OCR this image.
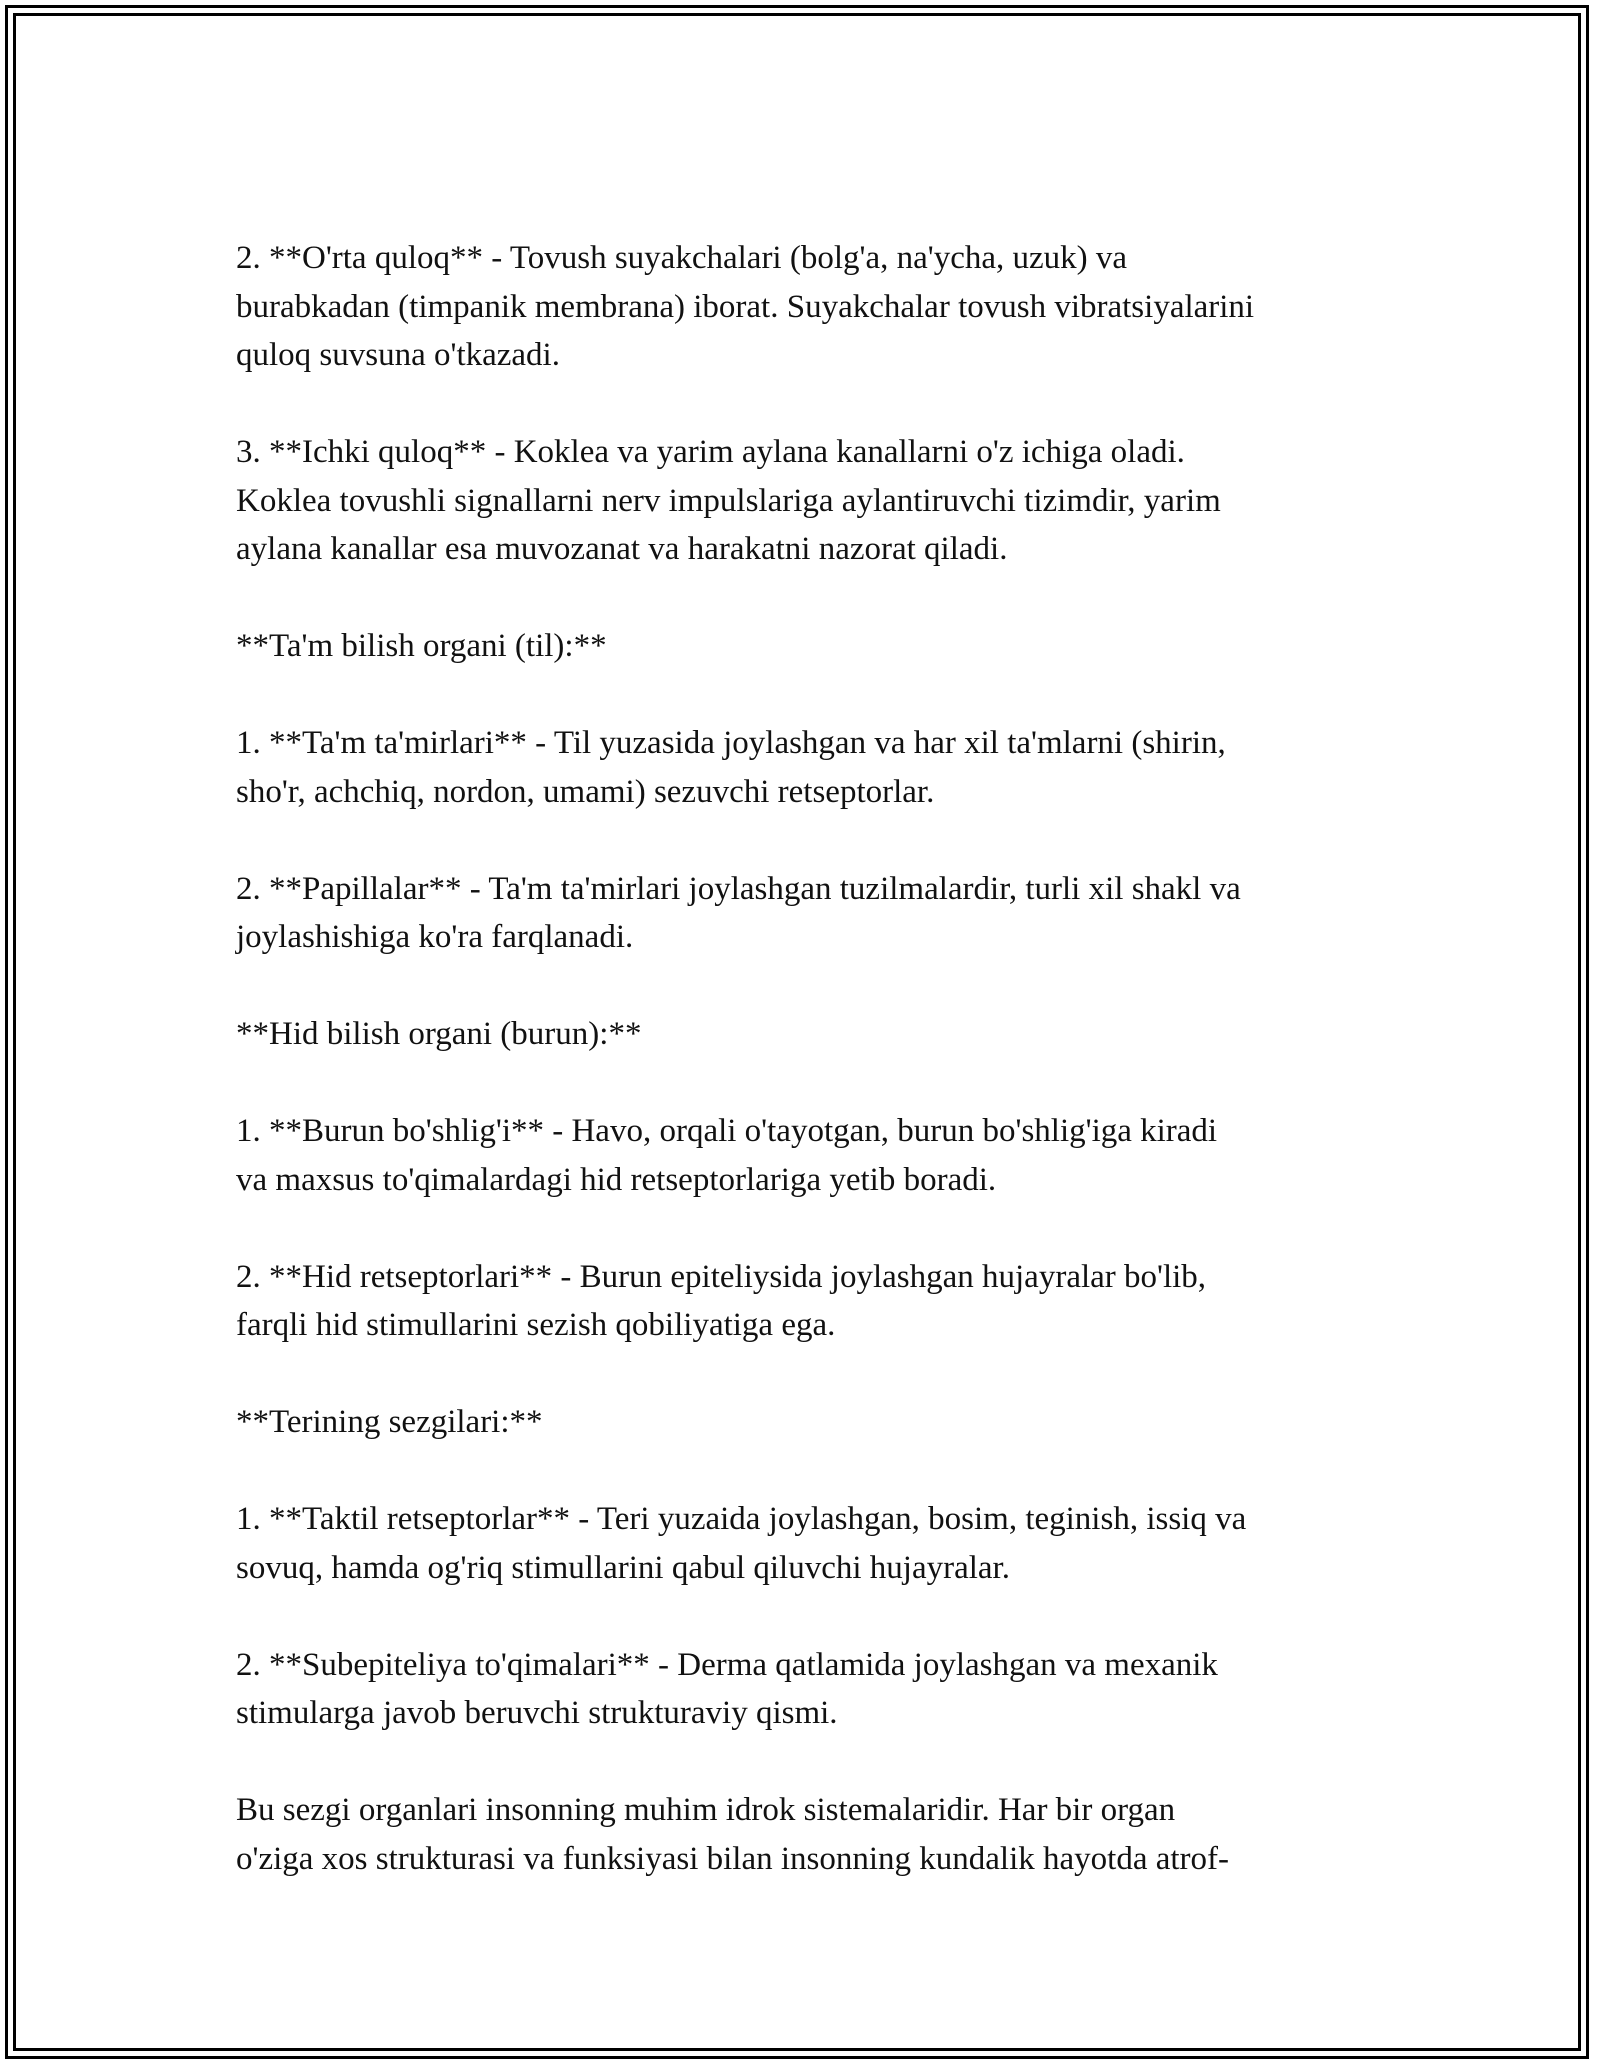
2. **O'rta quloq** - Tovush suyakchalari (bolg'a, na'ycha, uzuk) va
burabkadan (timpanik membrana) iborat. Suyakchalar tovush vibratsiyalarini
quloq suvsuna o'tkazadi.

3. **Ichki quloq** - Koklea va yarim aylana kanallarni o'z ichiga oladi.
Koklea tovushli signallarni nerv impulslariga aylantiruvchi tizimdir, yarim
aylana kanallar esa muvozanat va harakatni nazorat qiladi.

**Ta'm bilish organi (til):**

1. **Ta'm ta'mirlari** - Til yuzasida joylashgan va har xil ta'mlarni (shirin,
sho'r, achchiq, nordon, umami) sezuvchi retseptorlar.

2. **Papillalar** - Ta'm ta'mirlari joylashgan tuzilmalardir, turli xil shakl va
joylashishiga ko'ra farqlanadi.

**Hid bilish organi (burun):**

1. **Burun bo'shlig'i** - Havo, orqali o'tayotgan, burun bo'shlig'iga kiradi
va maxsus to'qimalardagi hid retseptorlariga yetib boradi.

2. **Hid retseptorlari** - Burun epiteliysida joylashgan hujayralar bo'lib,
farqli hid stimullarini sezish qobiliyatiga ega.

**Terining sezgilari:**

1. **Taktil retseptorlar** - Teri yuzaida joylashgan, bosim, teginish, issiq va
sovuq, hamda og'riq stimullarini qabul qiluvchi hujayralar.

2. **Subepiteliya to'qimalari** - Derma qatlamida joylashgan va mexanik
stimularga javob beruvchi strukturaviy qismi.

Bu sezgi organlari insonning muhim idrok sistemalaridir. Har bir organ
o'ziga xos strukturasi va funksiyasi bilan insonning kundalik hayotda atrof-
